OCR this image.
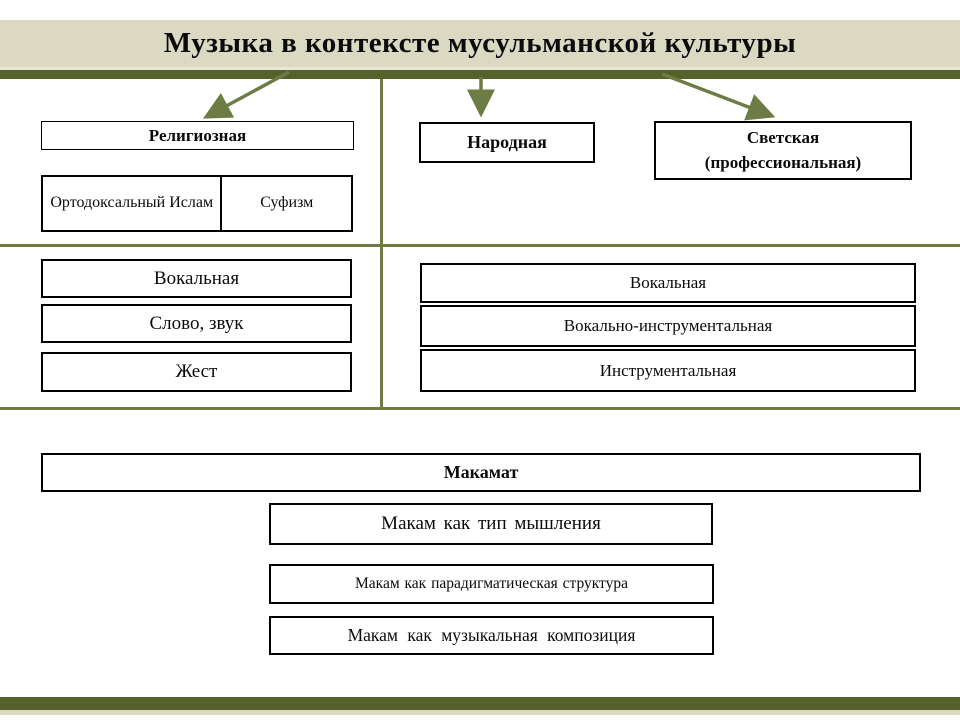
Музыка в контексте мусульманской культуры
Религиозная
Ортодоксальный Ислам	Суфизм
Народная	Светская
(профессиональная)
Вокальная
Слово, звук
Жест
Вокальная
Вокально-инструментальная
Инструментальная
Макамат
Макам как тип мышления
Макам как парадигматическая структура
Макам как музыкальная композиция
